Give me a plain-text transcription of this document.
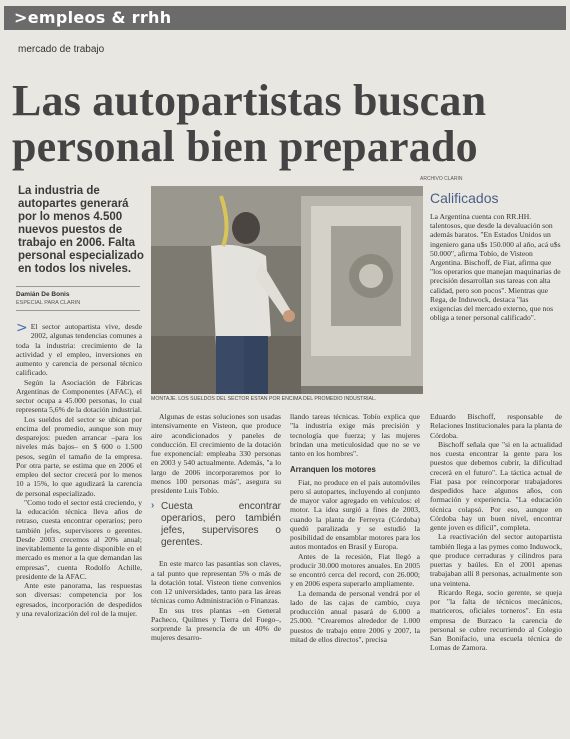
>empleos & rrhh
mercado de trabajo
Las autopartistas buscan personal bien preparado
ARCHIVO CLARIN
La industria de autopartes generará por lo menos 4.500 nuevos puestos de trabajo en 2006. Falta personal especializado en todos los niveles.
Damián De Bonis
ESPECIAL PARA CLARIN
MONTAJE. LOS SUELDOS DEL SECTOR ESTAN POR ENCIMA DEL PROMEDIO INDUSTRIAL.
Calificados
La Argentina cuenta con RR.HH. talentosos, que desde la devaluación son además baratos. "En Estados Unidos un ingeniero gana u$s 150.000 al año, acá u$s 50.000", afirma Tobío, de Visteon Argentina. Bischoff, de Fiat, afirma que "los operarios que manejan maquinarias de precisión desarrollan sus tareas con alta calidad, pero son pocos". Mientras que Rega, de Induwock, destaca "las exigencias del mercado externo, que nos obliga a tener personal calificado".

> El sector autopartista vive, desde 2002, algunas tendencias comunes a toda la industria: crecimiento de la actividad y el empleo, inversiones en aumento y carencia de personal técnico calificado.

Según la Asociación de Fábricas Argentinas de Componentes (AFAC), el sector ocupa a 45.000 personas, lo cual representa 5,6% de la dotación industrial.

Los sueldos del sector se ubican por encima del promedio, aunque son muy desparejos: pueden arrancar –para los niveles más bajos– en $ 600 o 1.500 pesos, según el tamaño de la empresa. Por otra parte, se estima que en 2006 el empleo del sector crecerá por lo menos 10 a 15%, lo que agudizará la carencia de personal especializado.

"Como todo el sector está creciendo, y la educación técnica lleva años de retraso, cuesta encontrar operarios; pero también jefes, supervisores o gerentes. Desde 2003 crecemos al 20% anual; inevitablemente la gente disponible en el mercado es menor a la que demandan las empresas", cuenta Rodolfo Achille, presidente de la AFAC.

Ante este panorama, las respuestas son diversas: competencia por los egresados, incorporación de despedidos y una revalorización del rol de la mujer.

Algunas de estas soluciones son usadas intensivamente en Visteon, que produce aire acondicionados y paneles de conducción. El crecimiento de la dotación fue exponencial: empleaba 330 personas en 2003 y 540 actualmente. Además, "a lo largo de 2006 incorporaremos por lo menos 100 personas más", asegura su presidente Luis Tobío.

› Cuesta encontrar operarios, pero también jefes, supervisores o gerentes.

En este marco las pasantías son claves, a tal punto que representan 5% o más de la dotación total. Visteon tiene convenios con 12 universidades, tanto para las áreas técnicas como Administración o Finanzas.

En sus tres plantas –en General Pacheco, Quilmes y Tierra del Fuego–, sorprende la presencia de un 40% de mujeres desarro-

llando tareas técnicas. Tobío explica que "la industria exige más precisión y tecnología que fuerza; y las mujeres brindan una meticulosidad que no se ve tanto en los hombres".

Arranquen los motores

Fiat, no produce en el país automóviles pero sí autopartes, incluyendo al conjunto de mayor valor agregado en vehículos: el motor. La idea surgió a fines de 2003, cuando la planta de Ferreyra (Córdoba) quedó paralizada y se estudió la posibilidad de ensamblar motores para los autos montados en Brasil y Europa.

Antes de la recesión, Fiat llegó a producir 30.000 motores anuales. En 2005 se encontró cerca del record, con 26.000; y en 2006 espera superarlo ampliamente.

La demanda de personal vendrá por el lado de las cajas de cambio, cuya producción anual pasará de 6.000 a 25.000. "Crearemos alrededor de 1.000 puestos de trabajo entre 2006 y 2007, la mitad de ellos directos", precisa

Eduardo Bischoff, responsable de Relaciones Institucionales para la planta de Córdoba.

Bischoff señala que "si en la actualidad nos cuesta encontrar la gente para los puestos que debemos cubrir, la dificultad crecerá en el futuro". La táctica actual de Fiat pasa por reincorporar trabajadores despedidos hace algunos años, con formación y experiencia. "La educación técnica colapsó. Por eso, aunque en Córdoba hay un buen nivel, encontrar gente joven es difícil", completa.

La reactivación del sector autopartista también llega a las pymes como Induwock, que produce cerraduras y cilindros para puertas y baúles. En el 2001 apenas trabajaban allí 8 personas, actualmente son una veintena.

Ricardo Rega, socio gerente, se queja por "la falta de técnicos mecánicos, matriceros, oficiales torneros". En esta empresa de Burzaco la carencia de personal se cubre recurriendo al Colegio San Bonifacio, una escuela técnica de Lomas de Zamora.
